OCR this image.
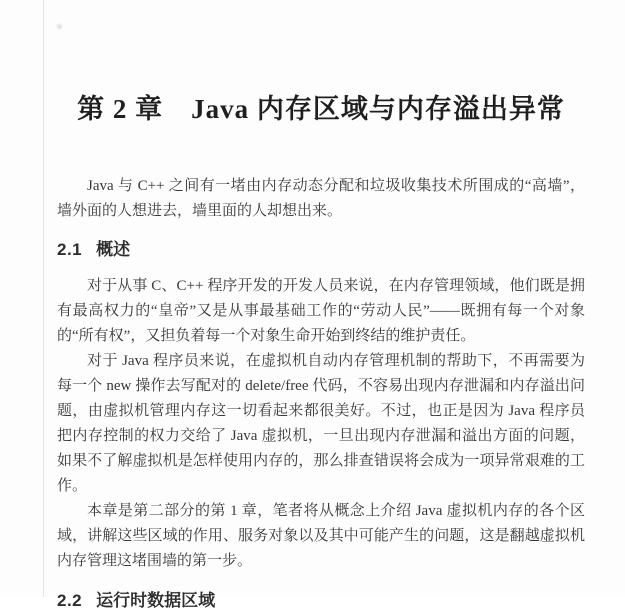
第 2 章　Java 内存区域与内存溢出异常

Java 与 C++ 之间有一堵由内存动态分配和垃圾收集技术所围成的“高墙”，墙外面的人想进去，墙里面的人却想出来。

2.1 概述

对于从事 C、C++ 程序开发的开发人员来说，在内存管理领域，他们既是拥有最高权力的“皇帝”又是从事最基础工作的“劳动人民”——既拥有每一个对象的“所有权”，又担负着每一个对象生命开始到终结的维护责任。

对于 Java 程序员来说，在虚拟机自动内存管理机制的帮助下，不再需要为每一个 new 操作去写配对的 delete/free 代码，不容易出现内存泄漏和内存溢出问题，由虚拟机管理内存这一切看起来都很美好。不过，也正是因为 Java 程序员把内存控制的权力交给了 Java 虚拟机，一旦出现内存泄漏和溢出方面的问题，如果不了解虚拟机是怎样使用内存的，那么排查错误将会成为一项异常艰难的工作。

本章是第二部分的第 1 章，笔者将从概念上介绍 Java 虚拟机内存的各个区域，讲解这些区域的作用、服务对象以及其中可能产生的问题，这是翻越虚拟机内存管理这堵围墙的第一步。

2.2 运行时数据区域
